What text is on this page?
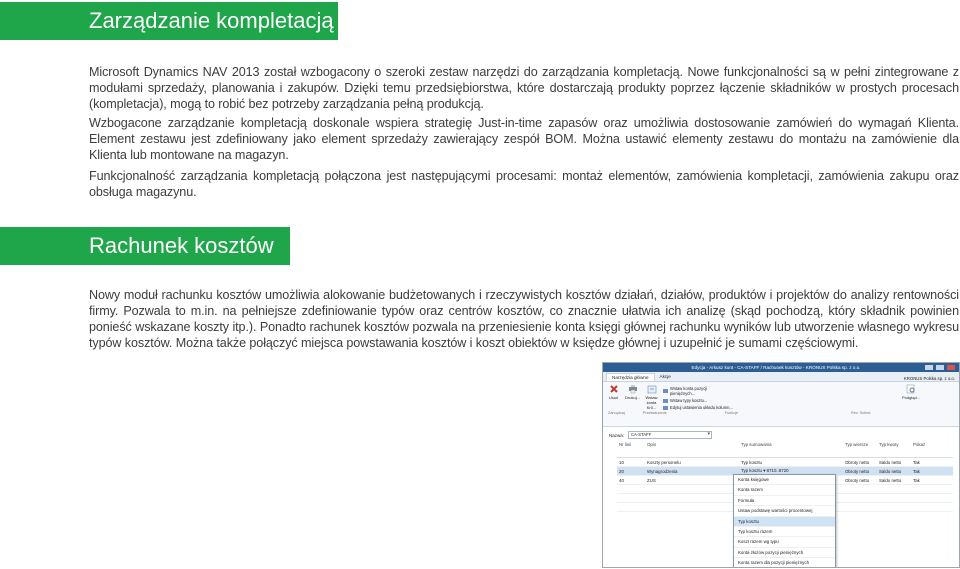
Zarządzanie kompletacją
Microsoft Dynamics NAV 2013 został wzbogacony o szeroki zestaw narzędzi do zarządzania kompletacją. Nowe funkcjonalności są w pełni zintegrowane z modułami sprzedaży, planowania i zakupów. Dzięki temu przedsiębiorstwa, które dostarczają produkty poprzez łączenie składników w prostych procesach (kompletacja), mogą to robić bez potrzeby zarządzania pełną produkcją.
Wzbogacone zarządzanie kompletacją doskonale wspiera strategię Just-in-time zapasów oraz umożliwia dostosowanie zamówień do wymagań Klienta. Element zestawu jest zdefiniowany jako element sprzedaży zawierający zespół BOM. Można ustawić elementy zestawu do montażu na zamówienie dla Klienta lub montowane na magazyn.
Funkcjonalność zarządzania kompletacją połączona jest następującymi procesami: montaż elementów, zamówienia kompletacji, zamówienia zakupu oraz obsługa magazynu.
Rachunek kosztów
Nowy moduł rachunku kosztów umożliwia alokowanie budżetowanych i rzeczywistych kosztów działań, działów, produktów i projektów do analizy rentowności firmy. Pozwala to m.in. na pełniejsze zdefiniowanie typów oraz centrów kosztów, co znacznie ułatwia ich analizę (skąd pochodzą, który składnik powinien ponieść wskazane koszty itp.). Ponadto rachunek kosztów pozwala na przeniesienie konta księgi głównej rachunku wyników lub utworzenie własnego wykresu typów kosztów. Można także połączyć miejsca powstawania kosztów i koszt obiektów w księdze głównej i uzupełnić je sumami częściowymi.
Edycja - Arkusz kont - CA-STAFF / Rachunek kosztów - KRONUS Polska sp. z o.o.
Narzędzia główne	Akcje	KRONUS Polska sp. z o.o.
Usuń Drukuj...	Wstaw konta Kr0...
Wstaw konta pozycji pieniężnych...
Wstaw typy kosztu...
Edytuj ustawienia układu kolumn...
Podgląd...
Zarządzaj	Przetwarzanie	Funkcje	Rev. Sched
Nazwa:	CA-STAFF ▾
Nr linii	Opis	Typ sumowania	Typ wiersze	Typ kwoty	Pokaż
10	Koszty personelu	Typ kosztu	Obroty netto	Saldo netto	Tak
20	Wynagrodzenia	Typ kosztu ▾ 8710..8720	Obroty netto	Saldo netto	Tak
40	ZUS		Obroty netto	Saldo netto	Tak

Konta księgowe
Konta razem
Formuła
Ustaw podstawę wartości procentowej
Typ kosztu
Typ kosztu razem
Koszt razem wg typu
Konta złożów pozycji pieniężnych
Konta razem dla pozycji pieniężnych
